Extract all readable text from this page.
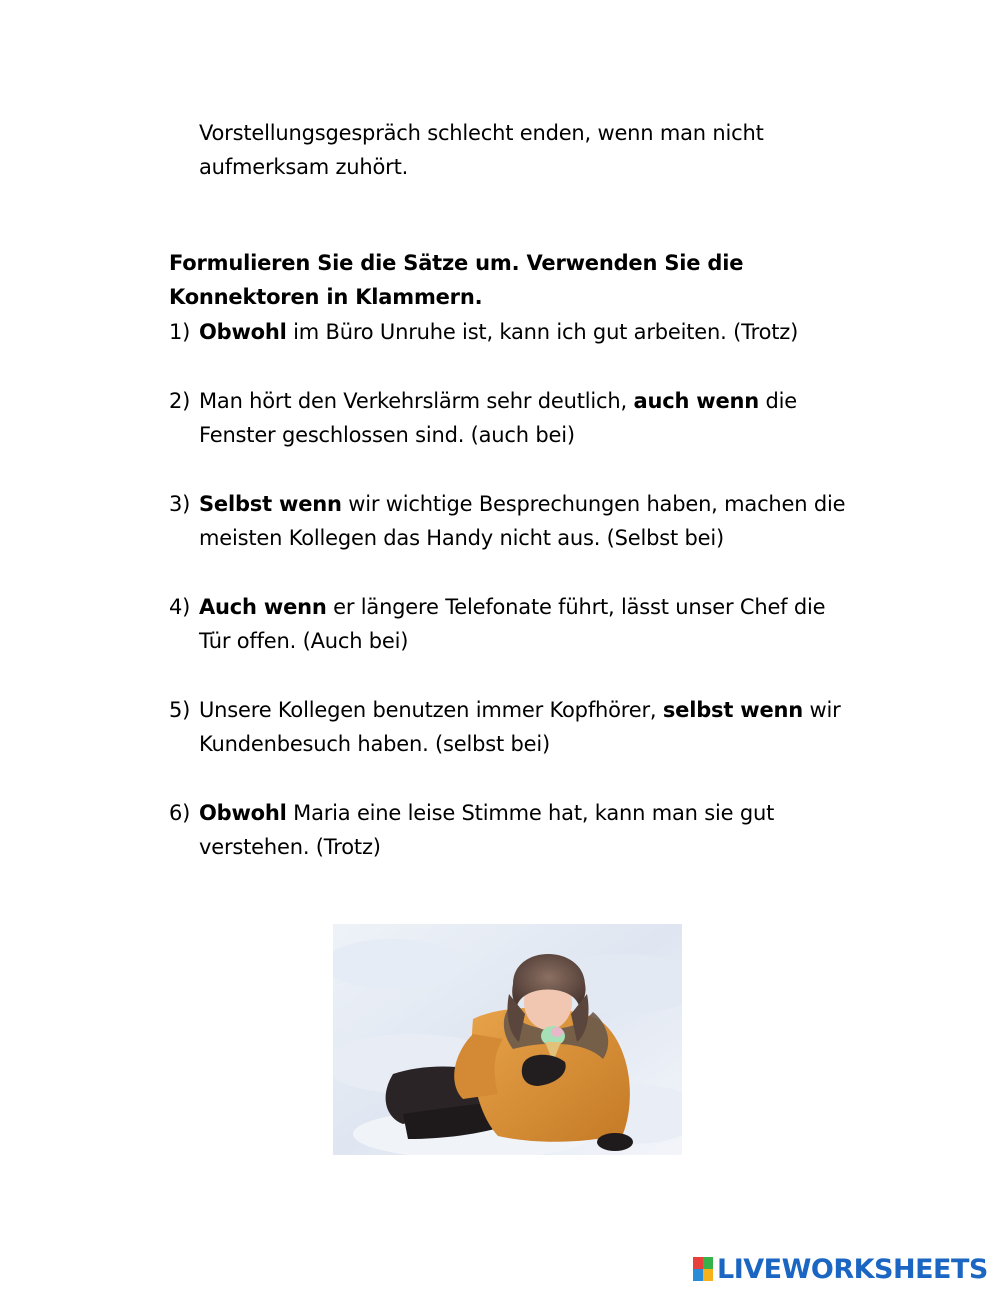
Vorstellungsgespräch schlecht enden, wenn man nicht
aufmerksam zuhört.
Formulieren Sie die Sätze um. Verwenden Sie die
Konnektoren in Klammern.
1) Obwohl im Büro Unruhe ist, kann ich gut arbeiten. (Trotz)
2) Man hört den Verkehrslärm sehr deutlich, auch wenn die
Fenster geschlossen sind. (auch bei)
3) Selbst wenn wir wichtige Besprechungen haben, machen die
meisten Kollegen das Handy nicht aus. (Selbst bei)
4) Auch wenn er längere Telefonate führt, lässt unser Chef die
Tür offen. (Auch bei)
5) Unsere Kollegen benutzen immer Kopfhörer, selbst wenn wir
Kundenbesuch haben. (selbst bei)
6) Obwohl Maria eine leise Stimme hat, kann man sie gut
verstehen. (Trotz)
LIVEWORKSHEETS
